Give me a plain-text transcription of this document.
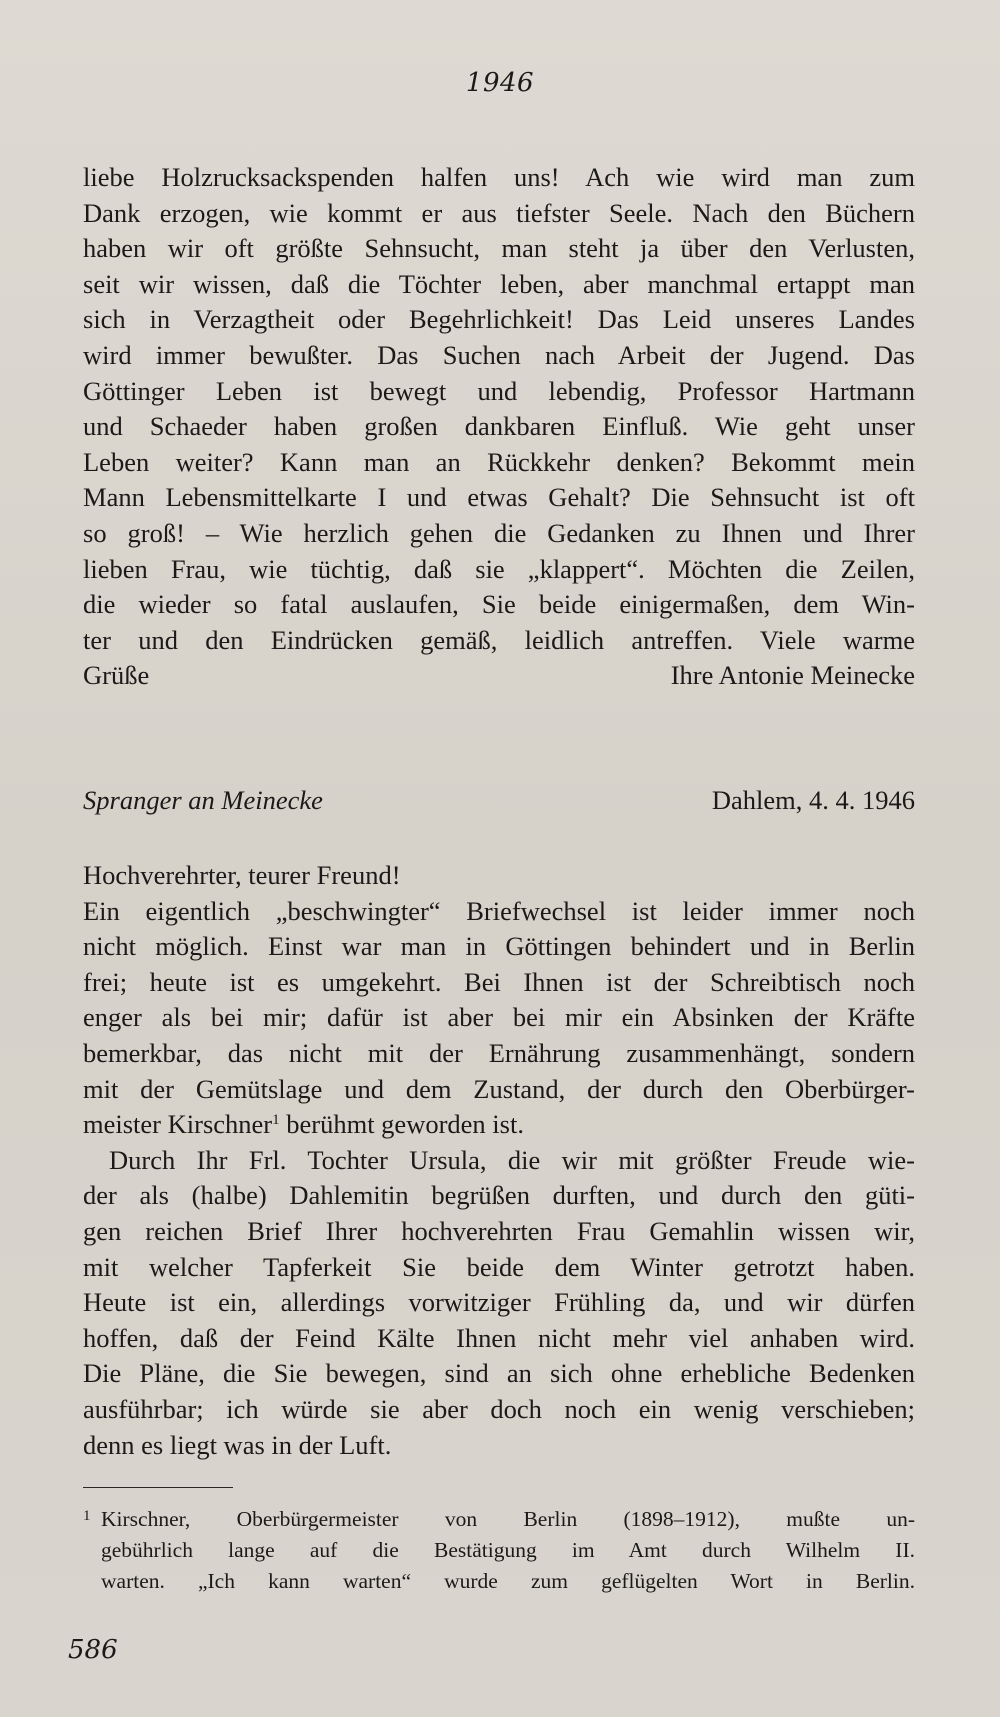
1946
liebe Holzrucksackspenden halfen uns! Ach wie wird man zum
Dank erzogen, wie kommt er aus tiefster Seele. Nach den Büchern
haben wir oft größte Sehnsucht, man steht ja über den Verlusten,
seit wir wissen, daß die Töchter leben, aber manchmal ertappt man
sich in Verzagtheit oder Begehrlichkeit! Das Leid unseres Landes
wird immer bewußter. Das Suchen nach Arbeit der Jugend. Das
Göttinger Leben ist bewegt und lebendig, Professor Hartmann
und Schaeder haben großen dankbaren Einfluß. Wie geht unser
Leben weiter? Kann man an Rückkehr denken? Bekommt mein
Mann Lebensmittelkarte I und etwas Gehalt? Die Sehnsucht ist oft
so groß! – Wie herzlich gehen die Gedanken zu Ihnen und Ihrer
lieben Frau, wie tüchtig, daß sie „klappert“. Möchten die Zeilen,
die wieder so fatal auslaufen, Sie beide einigermaßen, dem Win-
ter und den Eindrücken gemäß, leidlich antreffen. Viele warme
Grüße	Ihre Antonie Meinecke
Spranger an Meinecke	Dahlem, 4. 4. 1946
Hochverehrter, teurer Freund!
Ein eigentlich „beschwingter“ Briefwechsel ist leider immer noch
nicht möglich. Einst war man in Göttingen behindert und in Berlin
frei; heute ist es umgekehrt. Bei Ihnen ist der Schreibtisch noch
enger als bei mir; dafür ist aber bei mir ein Absinken der Kräfte
bemerkbar, das nicht mit der Ernährung zusammenhängt, sondern
mit der Gemütslage und dem Zustand, der durch den Oberbürger-
meister Kirschner$^1$ berühmt geworden ist.
Durch Ihr Frl. Tochter Ursula, die wir mit größter Freude wie-
der als (halbe) Dahlemitin begrüßen durften, und durch den güti-
gen reichen Brief Ihrer hochverehrten Frau Gemahlin wissen wir,
mit welcher Tapferkeit Sie beide dem Winter getrotzt haben.
Heute ist ein, allerdings vorwitziger Frühling da, und wir dürfen
hoffen, daß der Feind Kälte Ihnen nicht mehr viel anhaben wird.
Die Pläne, die Sie bewegen, sind an sich ohne erhebliche Bedenken
ausführbar; ich würde sie aber doch noch ein wenig verschieben;
denn es liegt was in der Luft.
1 Kirschner, Oberbürgermeister von Berlin (1898–1912), mußte un-
gebührlich lange auf die Bestätigung im Amt durch Wilhelm II.
warten. „Ich kann warten“ wurde zum geflügelten Wort in Berlin.
586
